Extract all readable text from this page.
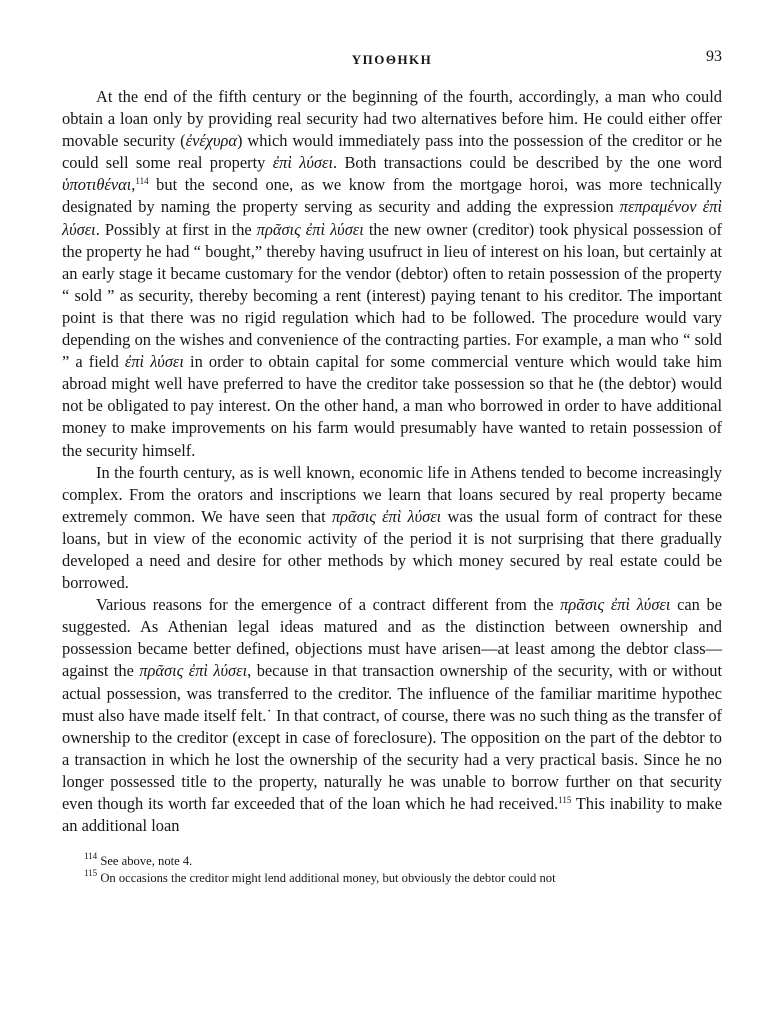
ΥΠΟΘΗΚΗ	93

At the end of the fifth century or the beginning of the fourth, accordingly, a man who could obtain a loan only by providing real security had two alternatives before him. He could either offer movable security (ἐνέχυρα) which would immediately pass into the possession of the creditor or he could sell some real property ἐπὶ λύσει. Both transactions could be described by the one word ὑποτιθέναι,$^{114}$ but the second one, as we know from the mortgage horoi, was more technically designated by naming the property serving as security and adding the expression πεπραμένον ἐπὶ λύσει. Possibly at first in the πρᾶσις ἐπὶ λύσει the new owner (creditor) took physical possession of the property he had “ bought,” thereby having usufruct in lieu of interest on his loan, but certainly at an early stage it became customary for the vendor (debtor) often to retain possession of the property “ sold ” as security, thereby becoming a rent (interest) paying tenant to his creditor. The important point is that there was no rigid regulation which had to be followed. The procedure would vary depending on the wishes and convenience of the contracting parties. For example, a man who “ sold ” a field ἐπὶ λύσει in order to obtain capital for some commercial venture which would take him abroad might well have preferred to have the creditor take possession so that he (the debtor) would not be obligated to pay interest. On the other hand, a man who borrowed in order to have additional money to make improvements on his farm would presumably have wanted to retain possession of the security himself.

In the fourth century, as is well known, economic life in Athens tended to become increasingly complex. From the orators and inscriptions we learn that loans secured by real property became extremely common. We have seen that πρᾶσις ἐπὶ λύσει was the usual form of contract for these loans, but in view of the economic activity of the period it is not surprising that there gradually developed a need and desire for other methods by which money secured by real estate could be borrowed.

Various reasons for the emergence of a contract different from the πρᾶσις ἐπὶ λύσει can be suggested. As Athenian legal ideas matured and as the distinction between ownership and possession became better defined, objections must have arisen—at least among the debtor class—against the πρᾶσις ἐπὶ λύσει, because in that transaction ownership of the security, with or without actual possession, was transferred to the creditor. The influence of the familiar maritime hypothec must also have made itself felt.˙ In that contract, of course, there was no such thing as the transfer of ownership to the creditor (except in case of foreclosure). The opposition on the part of the debtor to a transaction in which he lost the ownership of the security had a very practical basis. Since he no longer possessed title to the property, naturally he was unable to borrow further on that security even though its worth far exceeded that of the loan which he had received.$^{115}$ This inability to make an additional loan

$^{114}$ See above, note 4.
$^{115}$ On occasions the creditor might lend additional money, but obviously the debtor could not
